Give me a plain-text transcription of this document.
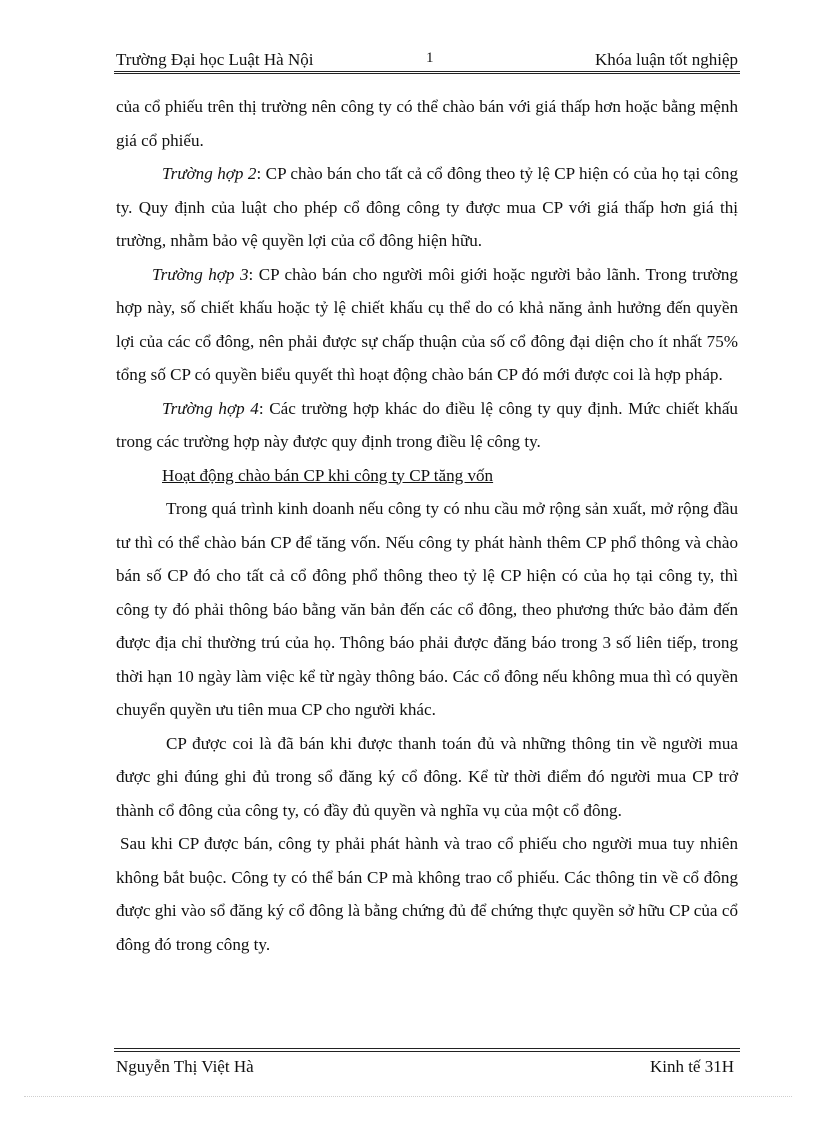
Trường Đại học Luật Hà Nội	1	Khóa luận tốt nghiệp

của cổ phiếu trên thị trường nên công ty có thể chào bán với giá thấp hơn hoặc bằng mệnh giá cổ phiếu.

Trường hợp 2: CP chào bán cho tất cả cổ đông theo tỷ lệ CP hiện có của họ tại công ty. Quy định của luật cho phép cổ đông công ty được mua CP với giá thấp hơn giá thị trường, nhằm bảo vệ quyền lợi của cổ đông hiện hữu.

Trường hợp 3: CP chào bán cho người môi giới hoặc người bảo lãnh. Trong trường hợp này, số chiết khấu hoặc tỷ lệ chiết khấu cụ thể do có khả năng ảnh hưởng đến quyền lợi của các cổ đông, nên phải được sự chấp thuận của số cổ đông đại diện cho ít nhất 75% tổng số CP có quyền biểu quyết thì hoạt động chào bán CP đó mới được coi là hợp pháp.

Trường hợp 4: Các trường hợp khác do điều lệ công ty quy định. Mức chiết khấu trong các trường hợp này được quy định trong điều lệ công ty.

Hoạt động chào bán CP khi công ty CP tăng vốn

Trong quá trình kinh doanh nếu công ty có nhu cầu mở rộng sản xuất, mở rộng đầu tư thì có thể chào bán CP để tăng vốn. Nếu công ty phát hành thêm CP phổ thông và chào bán số CP đó cho tất cả cổ đông phổ thông theo tỷ lệ CP hiện có của họ tại công ty, thì công ty đó phải thông báo bằng văn bản đến các cổ đông, theo phương thức bảo đảm đến được địa chỉ thường trú của họ. Thông báo phải được đăng báo trong 3 số liên tiếp, trong thời hạn 10 ngày làm việc kể từ ngày thông báo. Các cổ đông nếu không mua thì có quyền chuyển quyền ưu tiên mua CP cho người khác.

CP được coi là đã bán khi được thanh toán đủ và những thông tin về người mua được ghi đúng ghi đủ trong sổ đăng ký cổ đông. Kể từ thời điểm đó người mua CP trở thành cổ đông của công ty, có đầy đủ quyền và nghĩa vụ của một cổ đông.

Sau khi CP được bán, công ty phải phát hành và trao cổ phiếu cho người mua tuy nhiên không bắt buộc. Công ty có thể bán CP mà không trao cổ phiếu. Các thông tin về cổ đông được ghi vào sổ đăng ký cổ đông là bằng chứng đủ để chứng thực quyền sở hữu CP của cổ đông đó trong công ty.

Nguyễn Thị Việt Hà	Kinh tế 31H
